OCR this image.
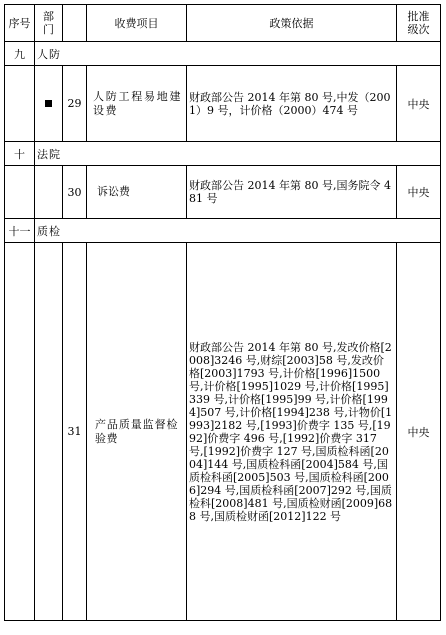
序号	部门		收费项目	政策依据	批准级次
九	人防				
		29	人防工程易地建设费	财政部公告 2014 年第 80 号,中发（2001）9 号，计价格（2000）474 号	中央
十	法院				
		30	诉讼费	财政部公告 2014 年第 80 号,国务院令 481 号	中央
十一	质检				
		31	产品质量监督检验费	财政部公告 2014 年第 80 号,发改价格[2008]3246 号,财综[2003]58 号,发改价格[2003]1793 号,计价格[1996]1500 号,计价格[1995]1029 号,计价格[1995]339 号,计价格[1995]99 号,计价格[1994]507 号,计价格[1994]238 号,计物价[1993]2182 号,[1993]价费字 135 号,[1992]价费字 496 号,[1992]价费字 317 号,[1992]价费字 127 号,国质检科函[2004]144 号,国质检科函[2004]584 号,国质检科函[2005]503 号,国质检科函[2006]294 号,国质检科函[2007]292 号,国质检科[2008]481 号,国质检财函[2009]688 号,国质检财函[2012]122 号	中央
